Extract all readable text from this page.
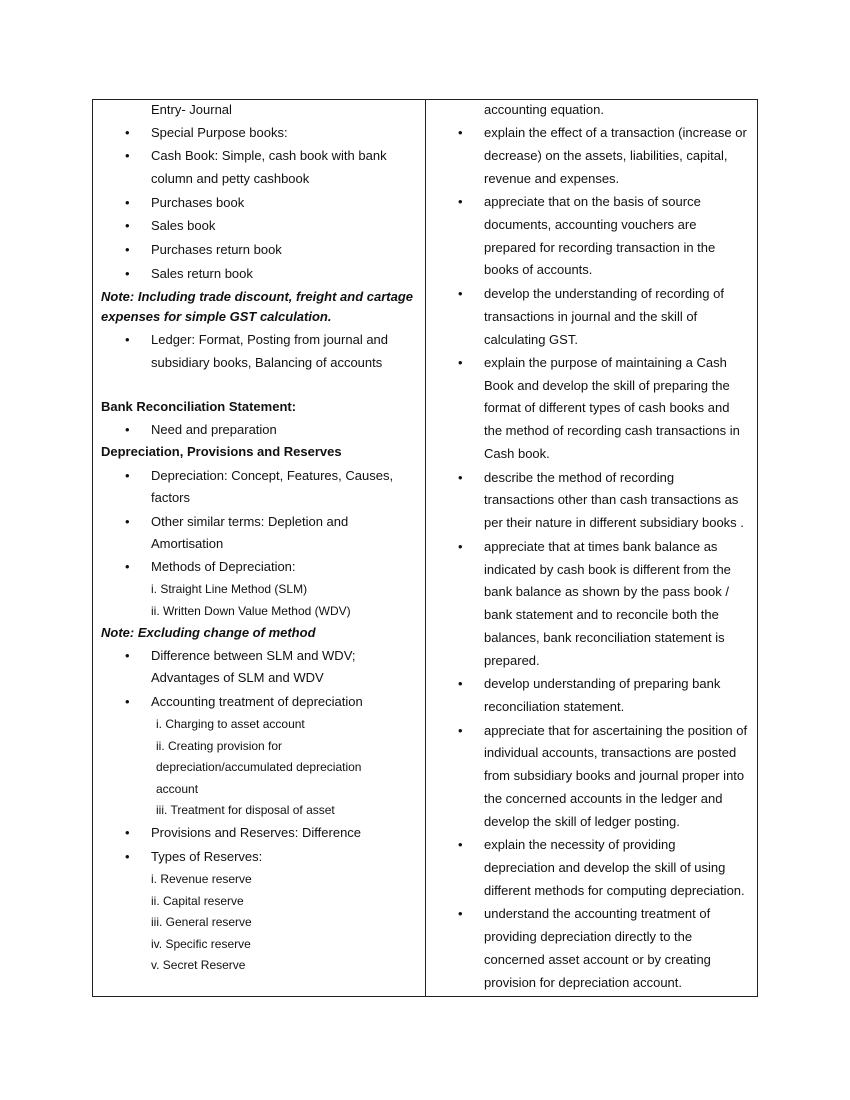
Entry- Journal
• Special Purpose books:
• Cash Book: Simple, cash book with bank
column and petty cashbook
• Purchases book
• Sales book
• Purchases return book
• Sales return book
Note: Including trade discount, freight and cartage
expenses for simple GST calculation.
• Ledger: Format, Posting from journal and
subsidiary books, Balancing of accounts
Bank Reconciliation Statement:
• Need and preparation
Depreciation, Provisions and Reserves
• Depreciation: Concept, Features, Causes,
factors
• Other similar terms: Depletion and
Amortisation
• Methods of Depreciation:
i. Straight Line Method (SLM)
ii. Written Down Value Method (WDV)
Note: Excluding change of method
• Difference between SLM and WDV;
Advantages of SLM and WDV
• Accounting treatment of depreciation
i. Charging to asset account
ii. Creating provision for
depreciation/accumulated depreciation
account
iii. Treatment for disposal of asset
• Provisions and Reserves: Difference
• Types of Reserves:
i. Revenue reserve
ii. Capital reserve
iii. General reserve
iv. Specific reserve
v. Secret Reserve
accounting equation.
• explain the effect of a transaction (increase or
decrease) on the assets, liabilities, capital,
revenue and expenses.
• appreciate that on the basis of source
documents, accounting vouchers are
prepared for recording transaction in the
books of accounts.
• develop the understanding of recording of
transactions in journal and the skill of
calculating GST.
• explain the purpose of maintaining a Cash
Book and develop the skill of preparing the
format of different types of cash books and
the method of recording cash transactions in
Cash book.
• describe the method of recording
transactions other than cash transactions as
per their nature in different subsidiary books .
• appreciate that at times bank balance as
indicated by cash book is different from the
bank balance as shown by the pass book /
bank statement and to reconcile both the
balances, bank reconciliation statement is
prepared.
• develop understanding of preparing bank
reconciliation statement.
• appreciate that for ascertaining the position of
individual accounts, transactions are posted
from subsidiary books and journal proper into
the concerned accounts in the ledger and
develop the skill of ledger posting.
• explain the necessity of providing
depreciation and develop the skill of using
different methods for computing depreciation.
• understand the accounting treatment of
providing depreciation directly to the
concerned asset account or by creating
provision for depreciation account.
